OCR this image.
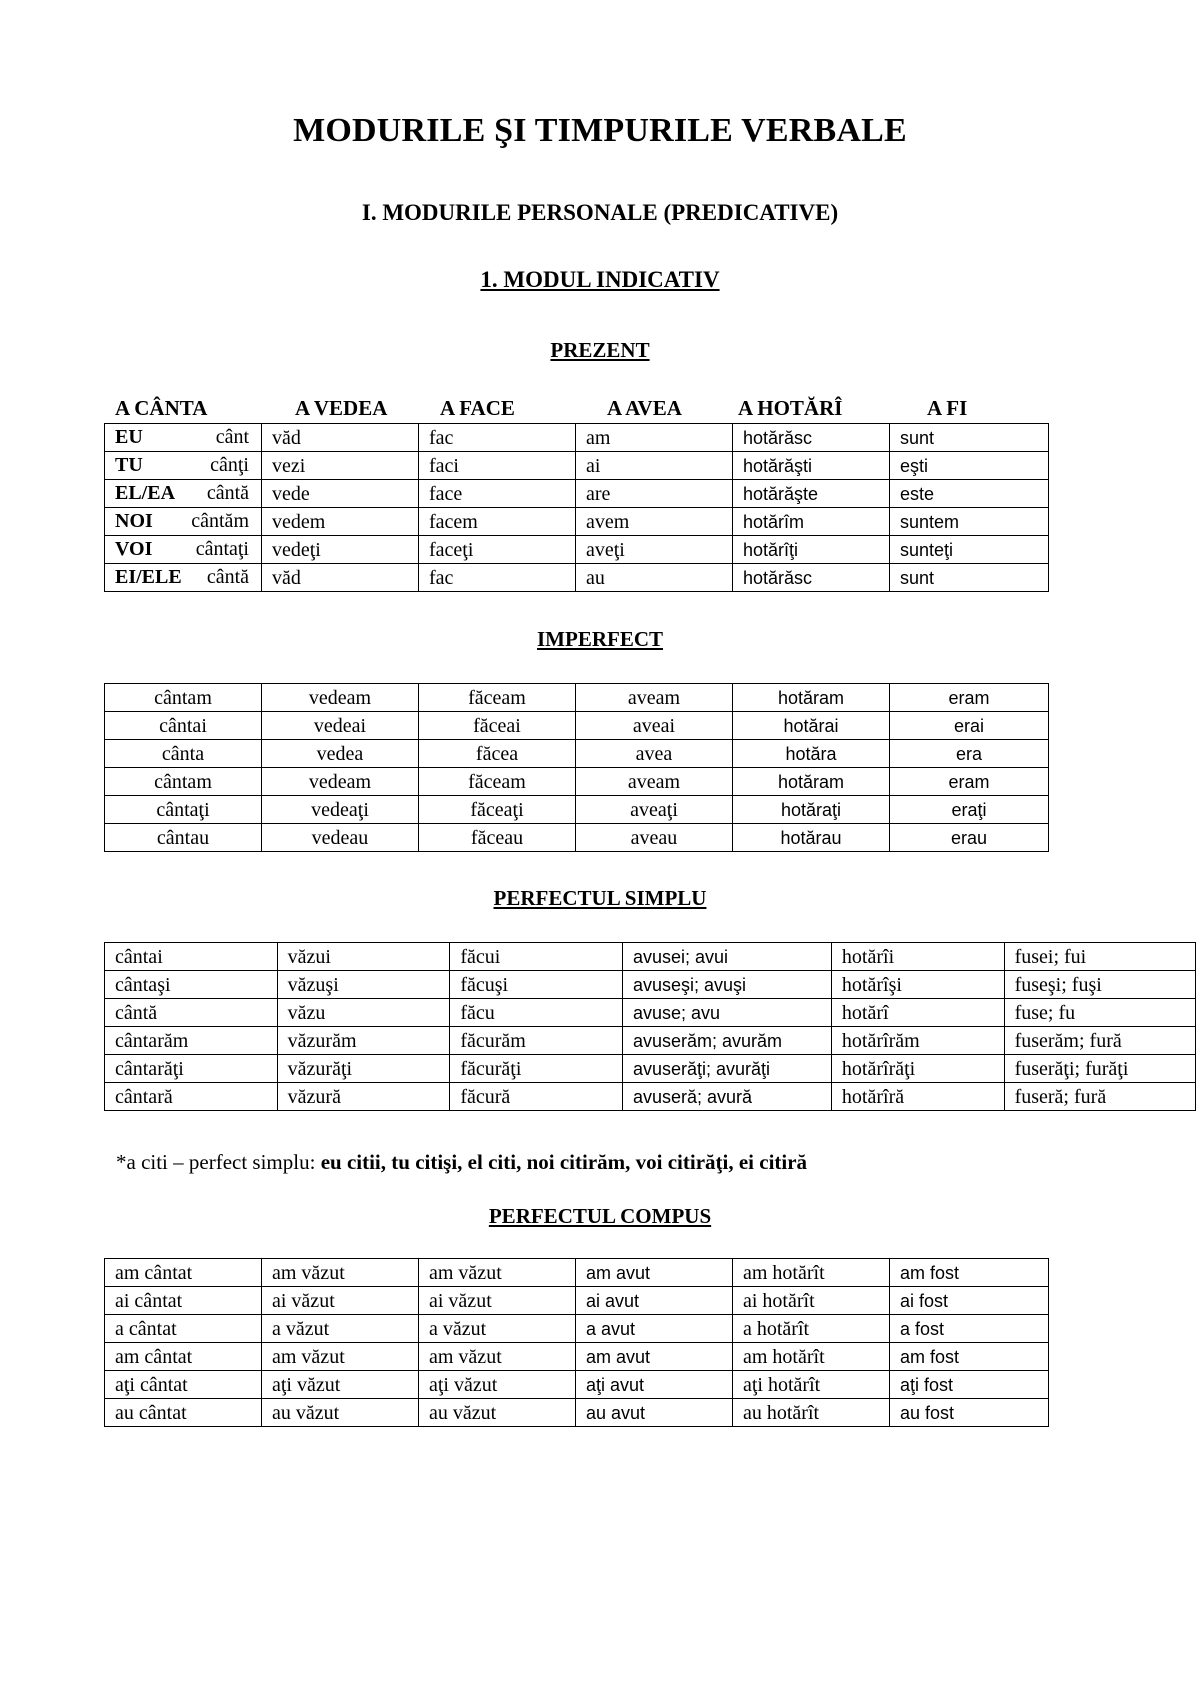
MODURILE ŞI TIMPURILE VERBALE
I. MODURILE PERSONALE (PREDICATIVE)
1. MODUL INDICATIV
PREZENT
A CÂNTA	A VEDEA	A FACE	A AVEA	A HOTĂRÎ	A FI
EU cânt	văd	fac	am	hotărăsc	sunt

TU cânţi	vezi	faci	ai	hotărăşti	eşti

EL/EA cântă	vede	face	are	hotărăşte	este

NOI cântăm	vedem	facem	avem	hotărîm	suntem

VOI cântaţi	vedeţi	faceţi	aveţi	hotărîţi	sunteţi

EI/ELE cântă	văd	fac	au	hotărăsc	sunt
IMPERFECT
cântam	vedeam	făceam	aveam	hotăram	eram
cântai	vedeai	făceai	aveai	hotărai	erai
cânta	vedea	făcea	avea	hotăra	era
cântam	vedeam	făceam	aveam	hotăram	eram
cântaţi	vedeaţi	făceaţi	aveaţi	hotăraţi	eraţi
cântau	vedeau	făceau	aveau	hotărau	erau
PERFECTUL SIMPLU
cântai	văzui	făcui	avusei; avui	hotărîi	fusei; fui
cântaşi	văzuşi	făcuşi	avuseşi; avuşi	hotărîşi	fuseşi; fuşi
cântă	văzu	făcu	avuse; avu	hotărî	fuse; fu
cântarăm	văzurăm	făcurăm	avuserăm; avurăm	hotărîrăm	fuserăm; fură
cântarăţi	văzurăţi	făcurăţi	avuserăţi; avurăţi	hotărîrăţi	fuserăţi; furăţi
cântară	văzură	făcură	avuseră; avură	hotărîră	fuseră; fură
*a citi – perfect simplu: eu citii, tu citişi, el citi, noi citirăm, voi citirăţi, ei citiră
PERFECTUL COMPUS
am cântat	am văzut	am văzut	am avut	am hotărît	am fost
ai cântat	ai văzut	ai văzut	ai avut	ai hotărît	ai fost
a cântat	a văzut	a văzut	a avut	a hotărît	a fost
am cântat	am văzut	am văzut	am avut	am hotărît	am fost
aţi cântat	aţi văzut	aţi văzut	aţi avut	aţi hotărît	aţi fost
au cântat	au văzut	au văzut	au avut	au hotărît	au fost
